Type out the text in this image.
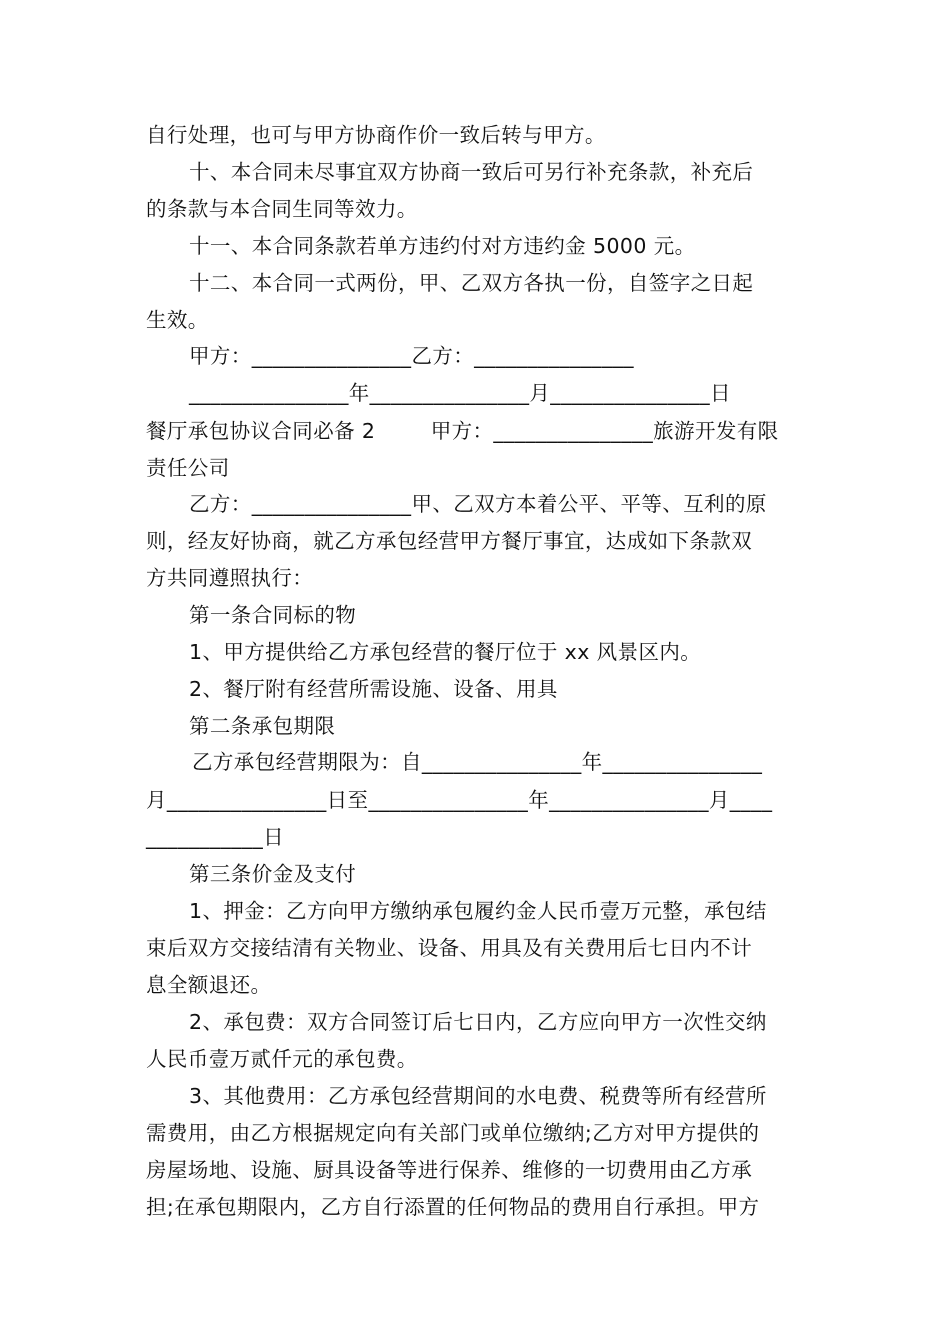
自行处理，也可与甲方协商作价一致后转与甲方。
十、本合同未尽事宜双方协商一致后可另行补充条款，补充后
的条款与本合同生同等效力。
十一、本合同条款若单方违约付对方违约金 5000 元。
十二、本合同一式两份，甲、乙双方各执一份，自签字之日起
生效。
甲方：_______________乙方：_______________
_______________年_______________月_______________日
餐厅承包协议合同必备 2        甲方：_______________旅游开发有限
责任公司
乙方：_______________甲、乙双方本着公平、平等、互利的原
则，经友好协商，就乙方承包经营甲方餐厅事宜，达成如下条款双
方共同遵照执行：
第一条合同标的物
1、甲方提供给乙方承包经营的餐厅位于 xx 风景区内。
2、餐厅附有经营所需设施、设备、用具
第二条承包期限
乙方承包经营期限为：自_______________年_______________
月_______________日至_______________年_______________月____
___________日
第三条价金及支付
1、押金：乙方向甲方缴纳承包履约金人民币壹万元整，承包结
束后双方交接结清有关物业、设备、用具及有关费用后七日内不计
息全额退还。
2、承包费：双方合同签订后七日内，乙方应向甲方一次性交纳
人民币壹万贰仟元的承包费。
3、其他费用：乙方承包经营期间的水电费、税费等所有经营所
需费用，由乙方根据规定向有关部门或单位缴纳;乙方对甲方提供的
房屋场地、设施、厨具设备等进行保养、维修的一切费用由乙方承
担;在承包期限内，乙方自行添置的任何物品的费用自行承担。甲方
